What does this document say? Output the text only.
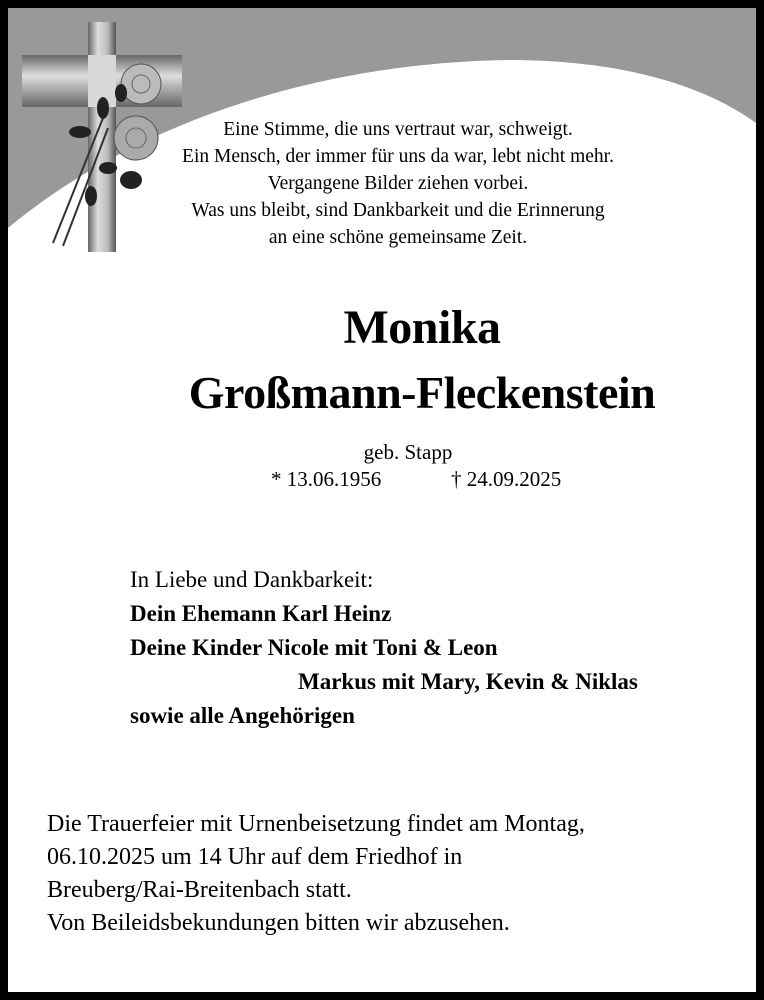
Eine Stimme, die uns vertraut war, schweigt.
Ein Mensch, der immer für uns da war, lebt nicht mehr.
Vergangene Bilder ziehen vorbei.
Was uns bleibt, sind Dankbarkeit und die Erinnerung
an eine schöne gemeinsame Zeit.
Monika
Großmann-Fleckenstein
geb. Stapp
* 13.06.1956	† 24.09.2025
In Liebe und Dankbarkeit:
Dein Ehemann Karl Heinz
Deine Kinder Nicole mit Toni & Leon
Markus mit Mary, Kevin & Niklas
sowie alle Angehörigen
Die Trauerfeier mit Urnenbeisetzung findet am Montag,
06.10.2025 um 14 Uhr auf dem Friedhof in
Breuberg/Rai-Breitenbach statt.
Von Beileidsbekundungen bitten wir abzusehen.
